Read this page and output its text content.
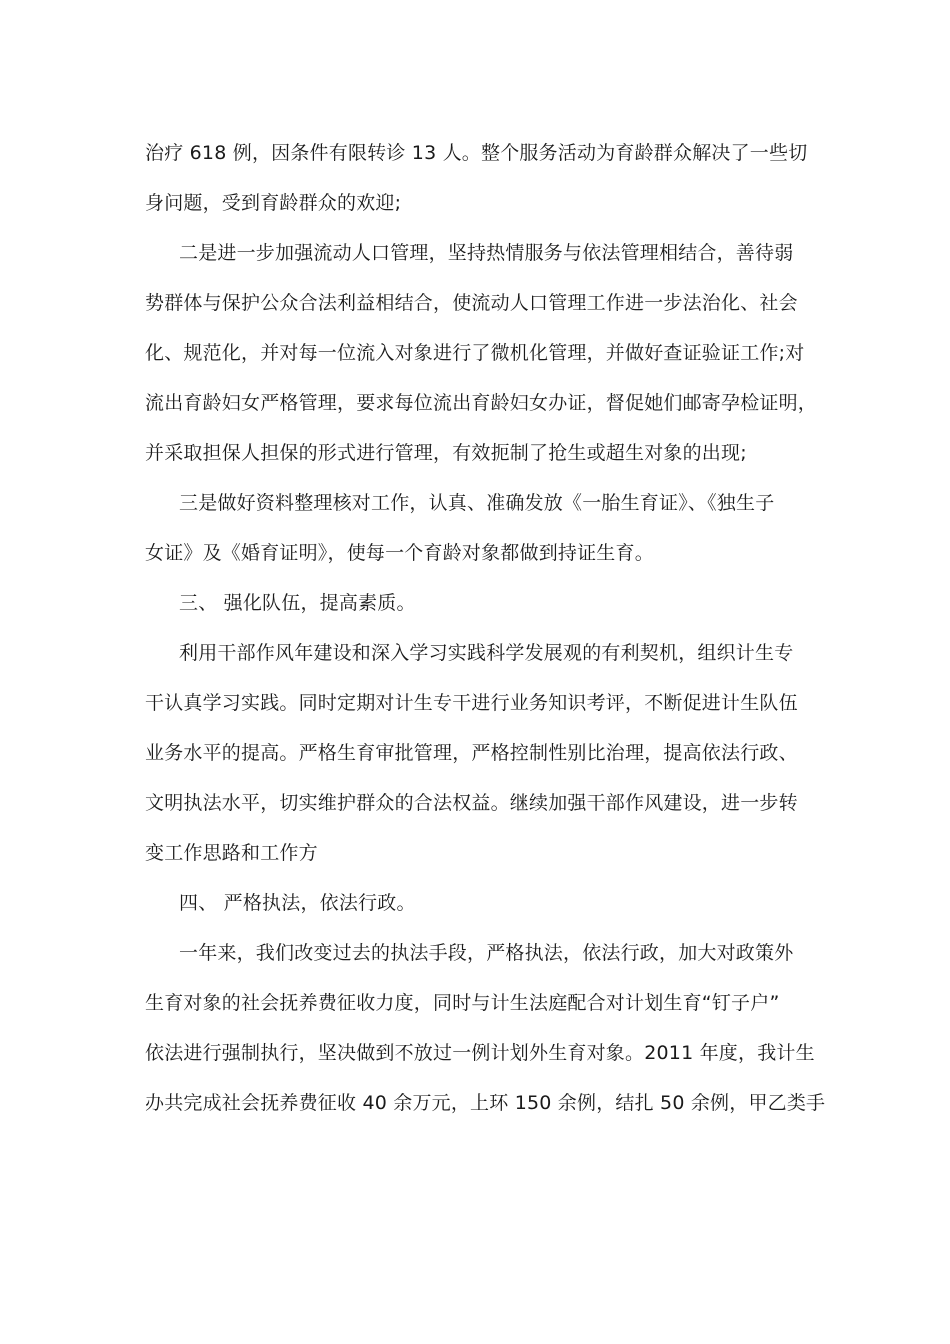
治疗 618 例，因条件有限转诊 13 人。整个服务活动为育龄群众解决了一些切
身问题，受到育龄群众的欢迎;
二是进一步加强流动人口管理，坚持热情服务与依法管理相结合，善待弱
势群体与保护公众合法利益相结合，使流动人口管理工作进一步法治化、社会
化、规范化，并对每一位流入对象进行了微机化管理，并做好查证验证工作;对
流出育龄妇女严格管理，要求每位流出育龄妇女办证，督促她们邮寄孕检证明，
并采取担保人担保的形式进行管理，有效扼制了抢生或超生对象的出现;
三是做好资料整理核对工作，认真、准确发放《一胎生育证》、《独生子
女证》及《婚育证明》，使每一个育龄对象都做到持证生育。
三、 强化队伍，提高素质。
利用干部作风年建设和深入学习实践科学发展观的有利契机，组织计生专
干认真学习实践。同时定期对计生专干进行业务知识考评，不断促进计生队伍
业务水平的提高。严格生育审批管理，严格控制性别比治理，提高依法行政、
文明执法水平，切实维护群众的合法权益。继续加强干部作风建设，进一步转
变工作思路和工作方
四、 严格执法，依法行政。
一年来，我们改变过去的执法手段，严格执法，依法行政，加大对政策外
生育对象的社会抚养费征收力度，同时与计生法庭配合对计划生育“钉子户”
依法进行强制执行，坚决做到不放过一例计划外生育对象。2011 年度，我计生
办共完成社会抚养费征收 40 余万元，上环 150 余例，结扎 50 余例，甲乙类手
